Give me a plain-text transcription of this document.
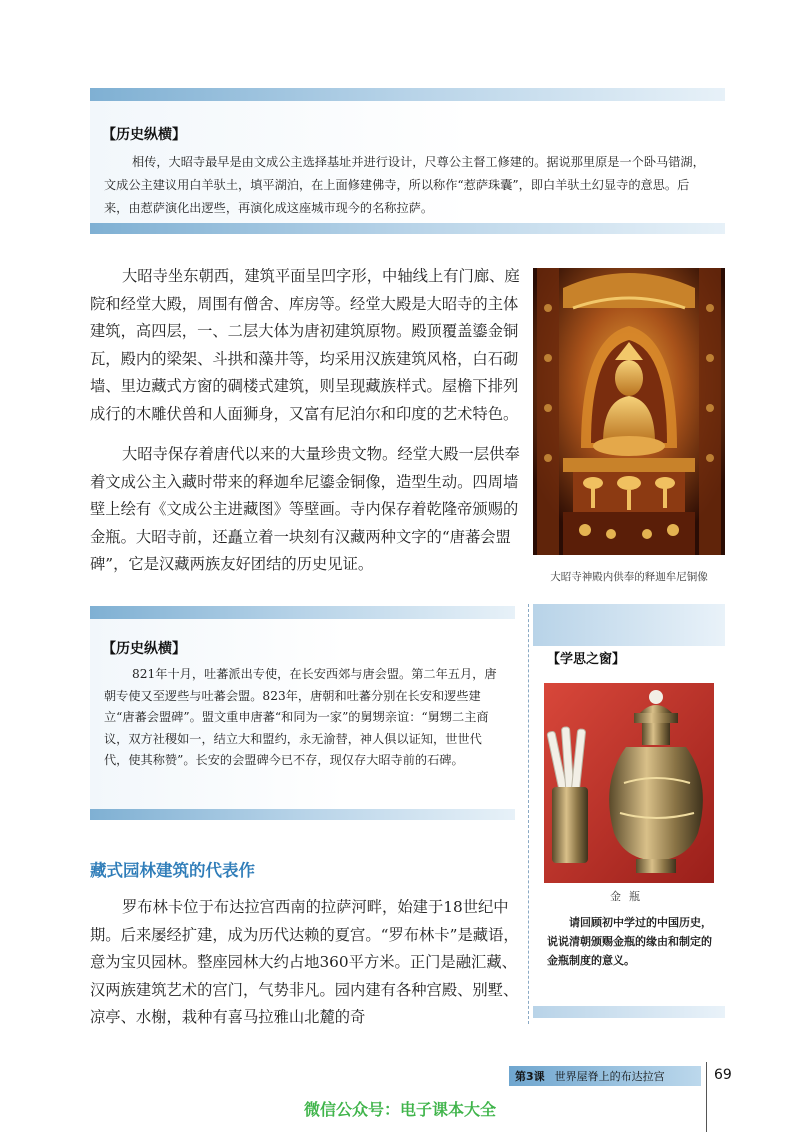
【历史纵横】
相传，大昭寺最早是由文成公主选择基址并进行设计，尺尊公主督工修建的。据说那里原是一个卧马错湖，文成公主建议用白羊驮土，填平湖泊，在上面修建佛寺，所以称作“惹萨珠囊”，即白羊驮土幻显寺的意思。后来，由惹萨演化出逻些，再演化成这座城市现今的名称拉萨。
大昭寺坐东朝西，建筑平面呈凹字形，中轴线上有门廊、庭院和经堂大殿，周围有僧舍、库房等。经堂大殿是大昭寺的主体建筑，高四层，一、二层大体为唐初建筑原物。殿顶覆盖鎏金铜瓦，殿内的梁架、斗拱和藻井等，均采用汉族建筑风格，白石砌墙、里边藏式方窗的碉楼式建筑，则呈现藏族样式。屋檐下排列成行的木雕伏兽和人面狮身，又富有尼泊尔和印度的艺术特色。
大昭寺保存着唐代以来的大量珍贵文物。经堂大殿一层供奉着文成公主入藏时带来的释迦牟尼鎏金铜像，造型生动。四周墙壁上绘有《文成公主进藏图》等壁画。寺内保存着乾隆帝颁赐的金瓶。大昭寺前，还矗立着一块刻有汉藏两种文字的“唐蕃会盟碑”，它是汉藏两族友好团结的历史见证。
大昭寺神殿内供奉的释迦牟尼铜像
【历史纵横】
821年十月，吐蕃派出专使，在长安西郊与唐会盟。第二年五月，唐朝专使又至逻些与吐蕃会盟。823年，唐朝和吐蕃分别在长安和逻些建立“唐蕃会盟碑”。盟文重申唐蕃“和同为一家”的舅甥亲谊：“舅甥二主商议，双方社稷如一，结立大和盟约，永无渝替，神人俱以证知，世世代代，使其称赞”。长安的会盟碑今已不存，现仅存大昭寺前的石碑。
【学思之窗】
金瓶
请回顾初中学过的中国历史，说说清朝颁赐金瓶的缘由和制定的金瓶制度的意义。
藏式园林建筑的代表作
罗布林卡位于布达拉宫西南的拉萨河畔，始建于18世纪中期。后来屡经扩建，成为历代达赖的夏宫。“罗布林卡”是藏语，意为宝贝园林。整座园林大约占地360平方米。正门是融汇藏、汉两族建筑艺术的宫门，气势非凡。园内建有各种宫殿、别墅、凉亭、水榭，栽种有喜马拉雅山北麓的奇
第3课 世界屋脊上的布达拉宫	69
微信公众号：电子课本大全
